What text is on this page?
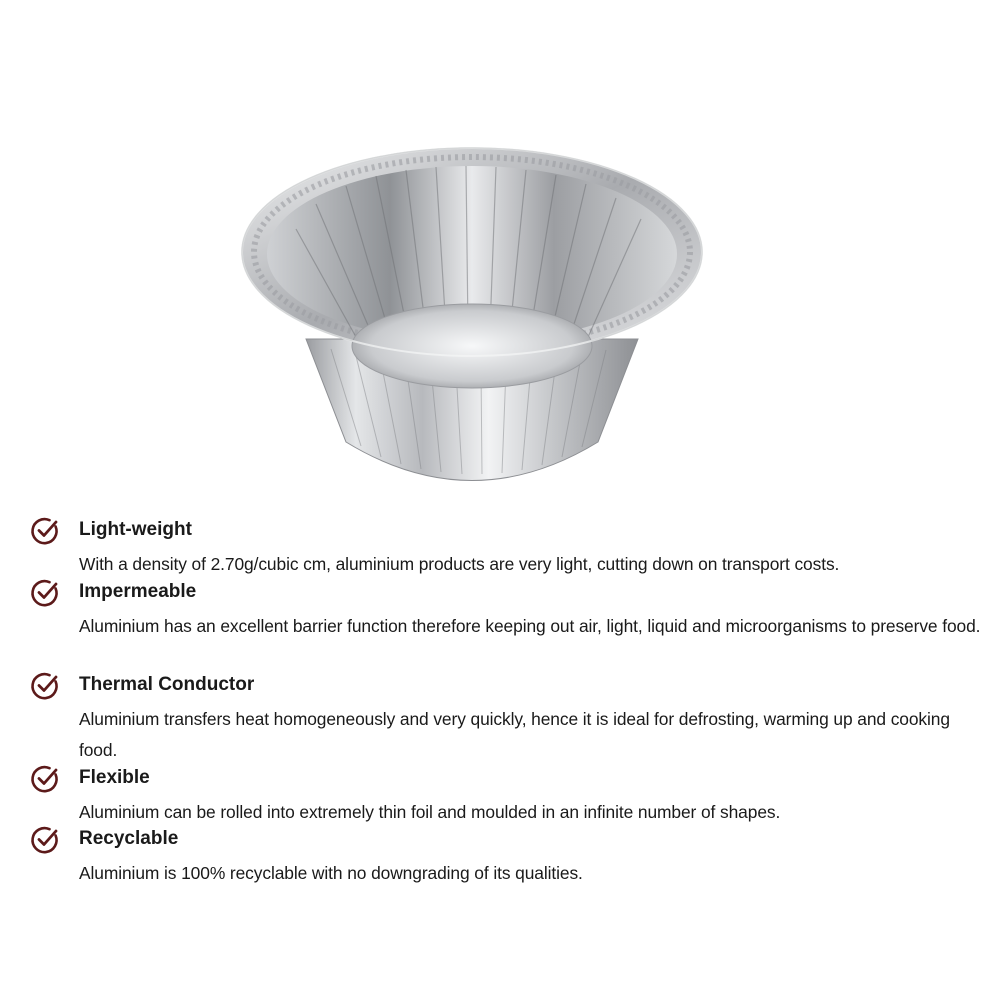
Light-weight
With a density of 2.70g/cubic cm, aluminium products are very light, cutting down on transport costs.
Impermeable
Aluminium has an excellent barrier function therefore keeping out air, light, liquid and microorganisms to preserve food.
Thermal Conductor
Aluminium transfers heat homogeneously and very quickly, hence it is ideal for defrosting, warming up and cooking food.
Flexible
Aluminium can be rolled into extremely thin foil and moulded in an infinite number of shapes.
Recyclable
Aluminium is 100% recyclable with no downgrading of its qualities.
